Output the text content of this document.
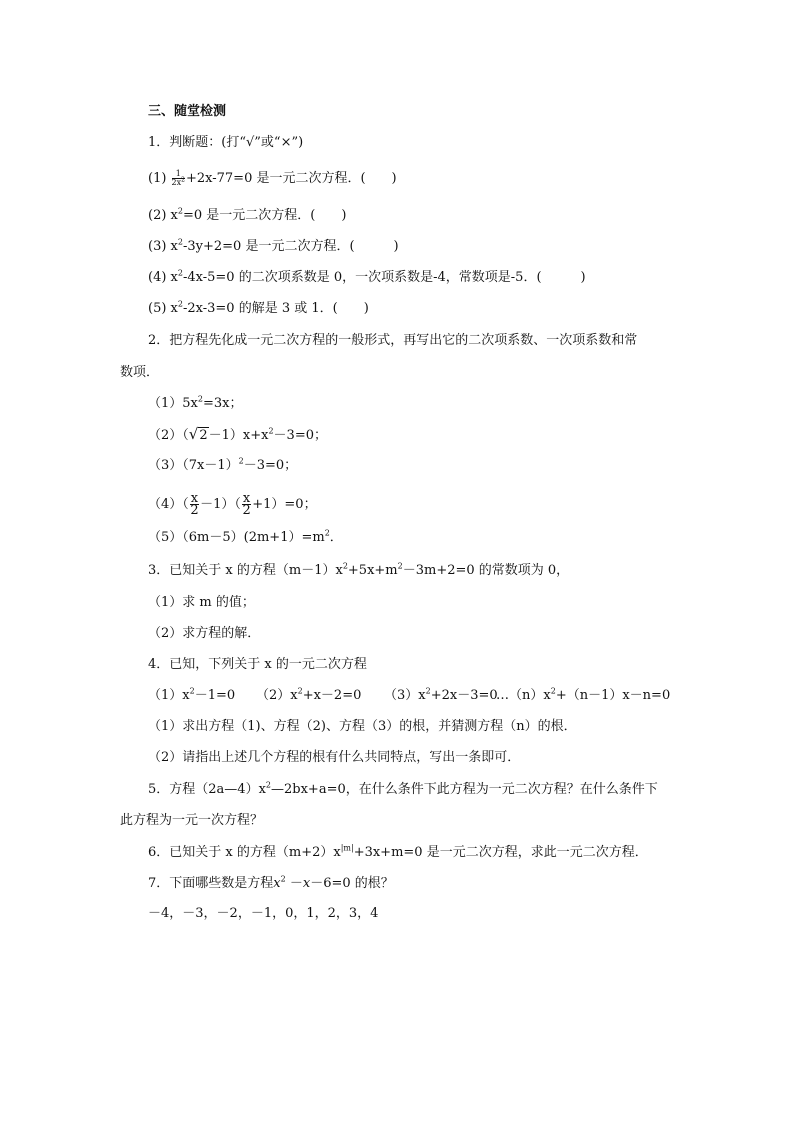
三、随堂检测
1．判断题：(打“√”或“×”)
$(1) \frac{1}{2x^2} +2x-77=0$ 是一元二次方程．(　　)
(2) $x^2=0$ 是一元二次方程．(　　)
(3) $x^2-3y+2=0$ 是一元二次方程．(　　　)
(4) $x^2-4x-5=0$ 的二次项系数是 0，一次项系数是-4，常数项是-5．(　　　)
(5) $x^2-2x-3=0$ 的解是 3 或 1．(　　)
2．把方程先化成一元二次方程的一般形式，再写出它的二次项系数、一次项系数和常
数项．
$(1)5x^2=3x$；
$(2)(√2-1)x+x^2-3=0$；
$(3)(7x-1)^2-3=0$；
$(4)( \frac{x}{2} -1)( \frac{x}{2} +1)=0$；
$(5)(6m-5)(2m+1)=m^2$．
3．已知关于 x 的方程$(m-1)x^2+5x+m^2-3m+2=0$ 的常数项为 0，
（1）求 m 的值；
（2）求方程的解．
4．已知，下列关于 x 的一元二次方程
$(1)x^2-1=0$ $(2)x^2+x-2=0$ $(3)x^2+2x-3=0$
$\dots(n)x^2+(n-1)x-n=0$
（1）求出方程（1)、方程（2)、方程（3）的根，并猜测方程（n）的根．
（2）请指出上述几个方程的根有什么共同特点，写出一条即可．
5．方程$(2a—4)x^2—2bx+a=0$，在什么条件下此方程为一元二次方程？在什么条件下
此方程为一元一次方程？
6．已知关于 x 的方程$(m+2)x^{|m|}+3x+m=0$ 是一元二次方程，求此一元二次方程．
7．下面哪些数是方程$x^2 -x-6=0$ 的根？
－4，－3，－2，－1，0，1，2，3，4
